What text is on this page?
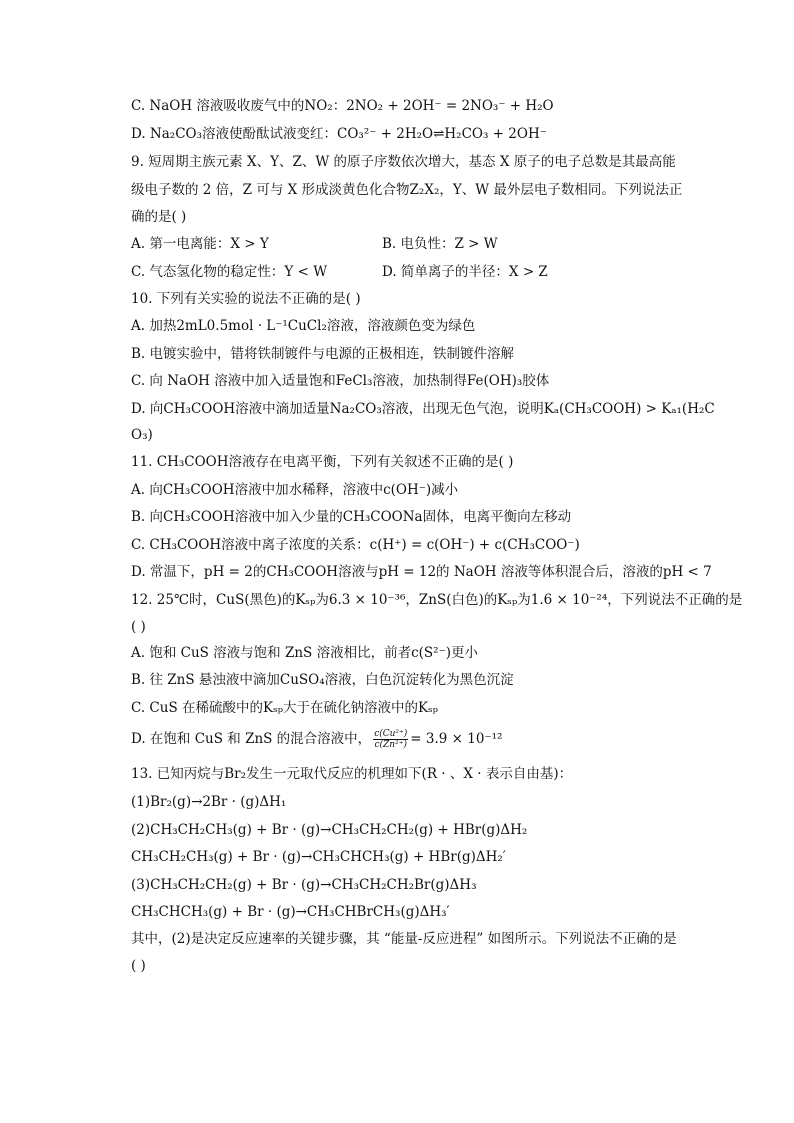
C. NaOH 溶液吸收废气中的NO₂：2NO₂ + 2OH⁻ = 2NO₃⁻ + H₂O
D. Na₂CO₃溶液使酚酞试液变红：CO₃²⁻ + 2H₂O⇌H₂CO₃ + 2OH⁻
9. 短周期主族元素 X、Y、Z、W 的原子序数依次增大，基态 X 原子的电子总数是其最高能
级电子数的 2 倍，Z 可与 X 形成淡黄色化合物Z₂X₂，Y、W 最外层电子数相同。下列说法正
确的是( )
A. 第一电离能：X > Y	B. 电负性：Z > W
C. 气态氢化物的稳定性：Y < W	D. 简单离子的半径：X > Z
10. 下列有关实验的说法不正确的是( )
A. 加热2mL0.5mol · L⁻¹CuCl₂溶液，溶液颜色变为绿色
B. 电镀实验中，错将铁制镀件与电源的正极相连，铁制镀件溶解
C. 向 NaOH 溶液中加入适量饱和FeCl₃溶液，加热制得Fe(OH)₃胶体
D. 向CH₃COOH溶液中滴加适量Na₂CO₃溶液，出现无色气泡，说明Kₐ(CH₃COOH) > Kₐ₁(H₂C
O₃)
11. CH₃COOH溶液存在电离平衡，下列有关叙述不正确的是( )
A. 向CH₃COOH溶液中加水稀释，溶液中c(OH⁻)减小
B. 向CH₃COOH溶液中加入少量的CH₃COONa固体，电离平衡向左移动
C. CH₃COOH溶液中离子浓度的关系：c(H⁺) = c(OH⁻) + c(CH₃COO⁻)
D. 常温下，pH = 2的CH₃COOH溶液与pH = 12的 NaOH 溶液等体积混合后，溶液的pH < 7
12. 25℃时，CuS(黑色)的Kₛₚ为6.3 × 10⁻³⁶，ZnS(白色)的Kₛₚ为1.6 × 10⁻²⁴，下列说法不正确的是
( )
A. 饱和 CuS 溶液与饱和 ZnS 溶液相比，前者c(S²⁻)更小
B. 往 ZnS 悬浊液中滴加CuSO₄溶液，白色沉淀转化为黑色沉淀
C. CuS 在稀硫酸中的Kₛₚ大于在硫化钠溶液中的Kₛₚ
D. 在饱和 CuS 和 ZnS 的混合溶液中， $\frac{\text{c(Cu²⁺)}}{\text{c(Zn²⁺)}} = 3.9 \times 10^{-12}$
13. 已知丙烷与Br₂发生一元取代反应的机理如下(R · 、X · 表示自由基)：
(1)Br₂(g)→2Br · (g)ΔH₁
(2)CH₃CH₂CH₃(g) + Br · (g)→CH₃CH₂CH₂(g) + HBr(g)ΔH₂
CH₃CH₂CH₃(g) + Br · (g)→CH₃CHCH₃(g) + HBr(g)ΔH₂′
(3)CH₃CH₂CH₂(g) + Br · (g)→CH₃CH₂CH₂Br(g)ΔH₃
CH₃CHCH₃(g) + Br · (g)→CH₃CHBrCH₃(g)ΔH₃′
其中，(2)是决定反应速率的关键步骤，其 “能量-反应进程” 如图所示。下列说法不正确的是
( )
